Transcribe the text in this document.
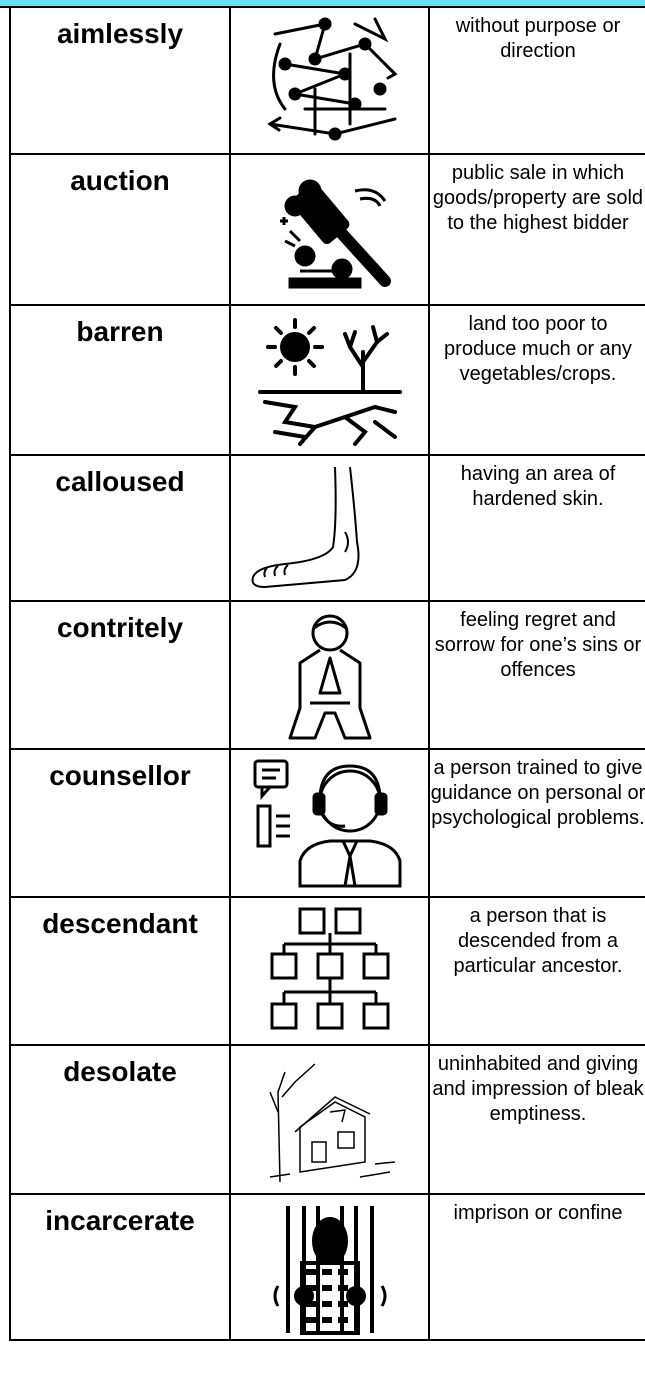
aimlessly		without purpose or direction

auction		public sale in which goods/property are sold to the highest bidder

barren		land too poor to produce much or any vegetables/crops.

calloused		having an area of hardened skin.

contritely		feeling regret and sorrow for one’s sins or offences

counsellor		a person trained to give guidance on personal or psychological problems.

descendant		a person that is descended from a particular ancestor.

desolate		uninhabited and giving and impression of bleak emptiness.

incarcerate		imprison or confine
